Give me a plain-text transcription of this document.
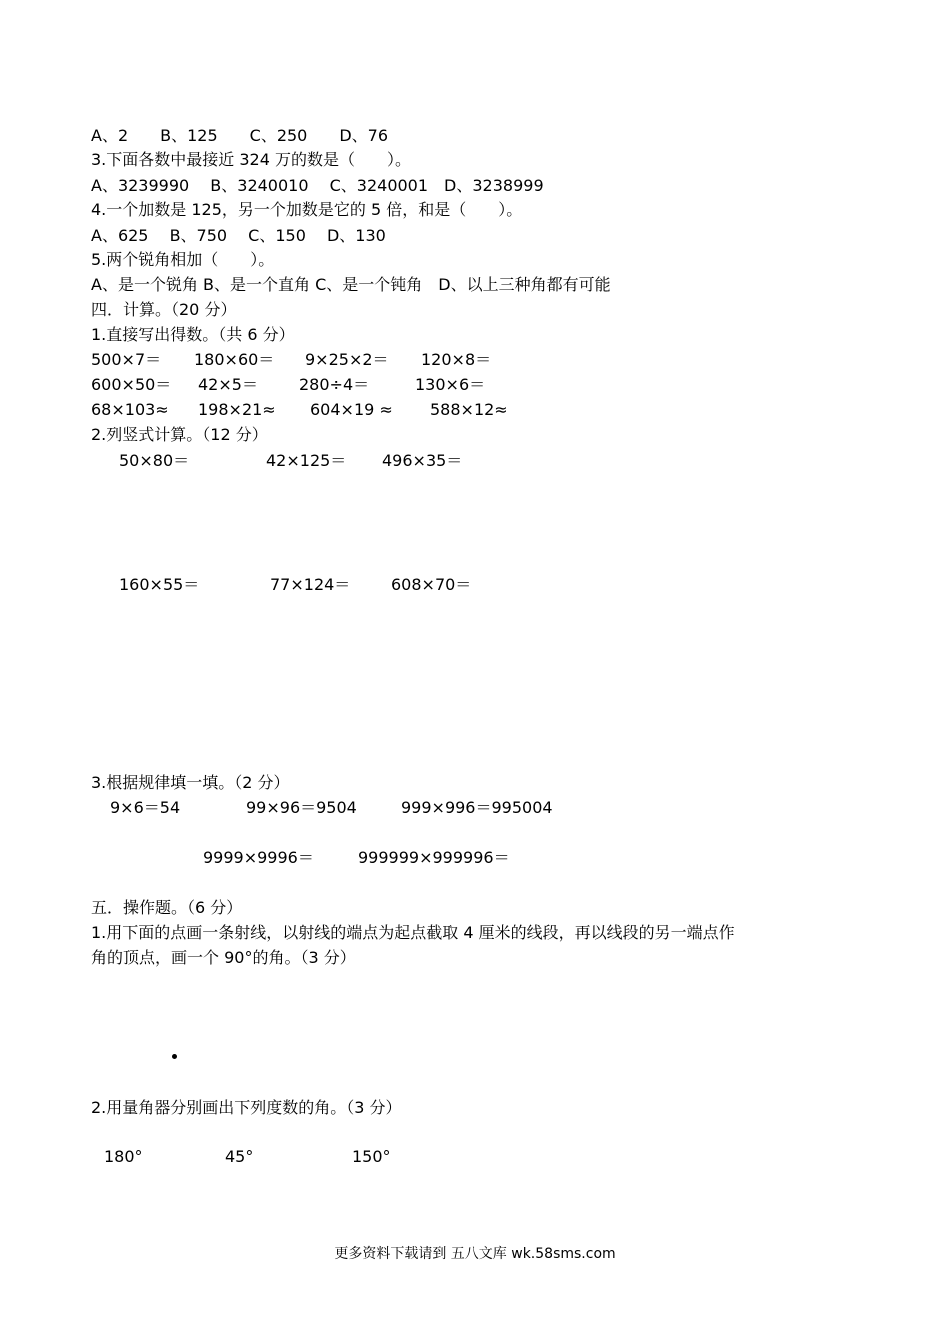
A、2　　B、125　　C、250　　D、76
3.下面各数中最接近 324 万的数是（　　）。
A、3239990　 B、3240010　 C、3240001　D、3238999
4.一个加数是 125，另一个加数是它的 5 倍，和是（　　）。
A、625　 B、750　 C、150　 D、130
5.两个锐角相加（　　）。
A、是一个锐角 B、是一个直角 C、是一个钝角　D、以上三种角都有可能
四．计算。（20 分）
1.直接写出得数。（共 6 分）
500×7＝ 180×60＝ 9×25×2＝ 120×8＝
600×50＝ 42×5＝	280÷4＝	130×6＝
68×103≈ 198×21≈ 604×19 ≈ 588×12≈
2.列竖式计算。（12 分）
50×80＝	42×125＝ 496×35＝
160×55＝	77×124＝	608×70＝
3.根据规律填一填。（2 分）
9×6＝54	99×96＝9504	999×996＝995004
9999×9996＝	999999×999996＝
五．操作题。（6 分）
1.用下面的点画一条射线，以射线的端点为起点截取 4 厘米的线段，再以线段的另一端点作
角的顶点，画一个 90°的角。（3 分）
2.用量角器分别画出下列度数的角。（3 分）
180°	45°	150°
更多资料下载请到 五八文库 wk.58sms.com
